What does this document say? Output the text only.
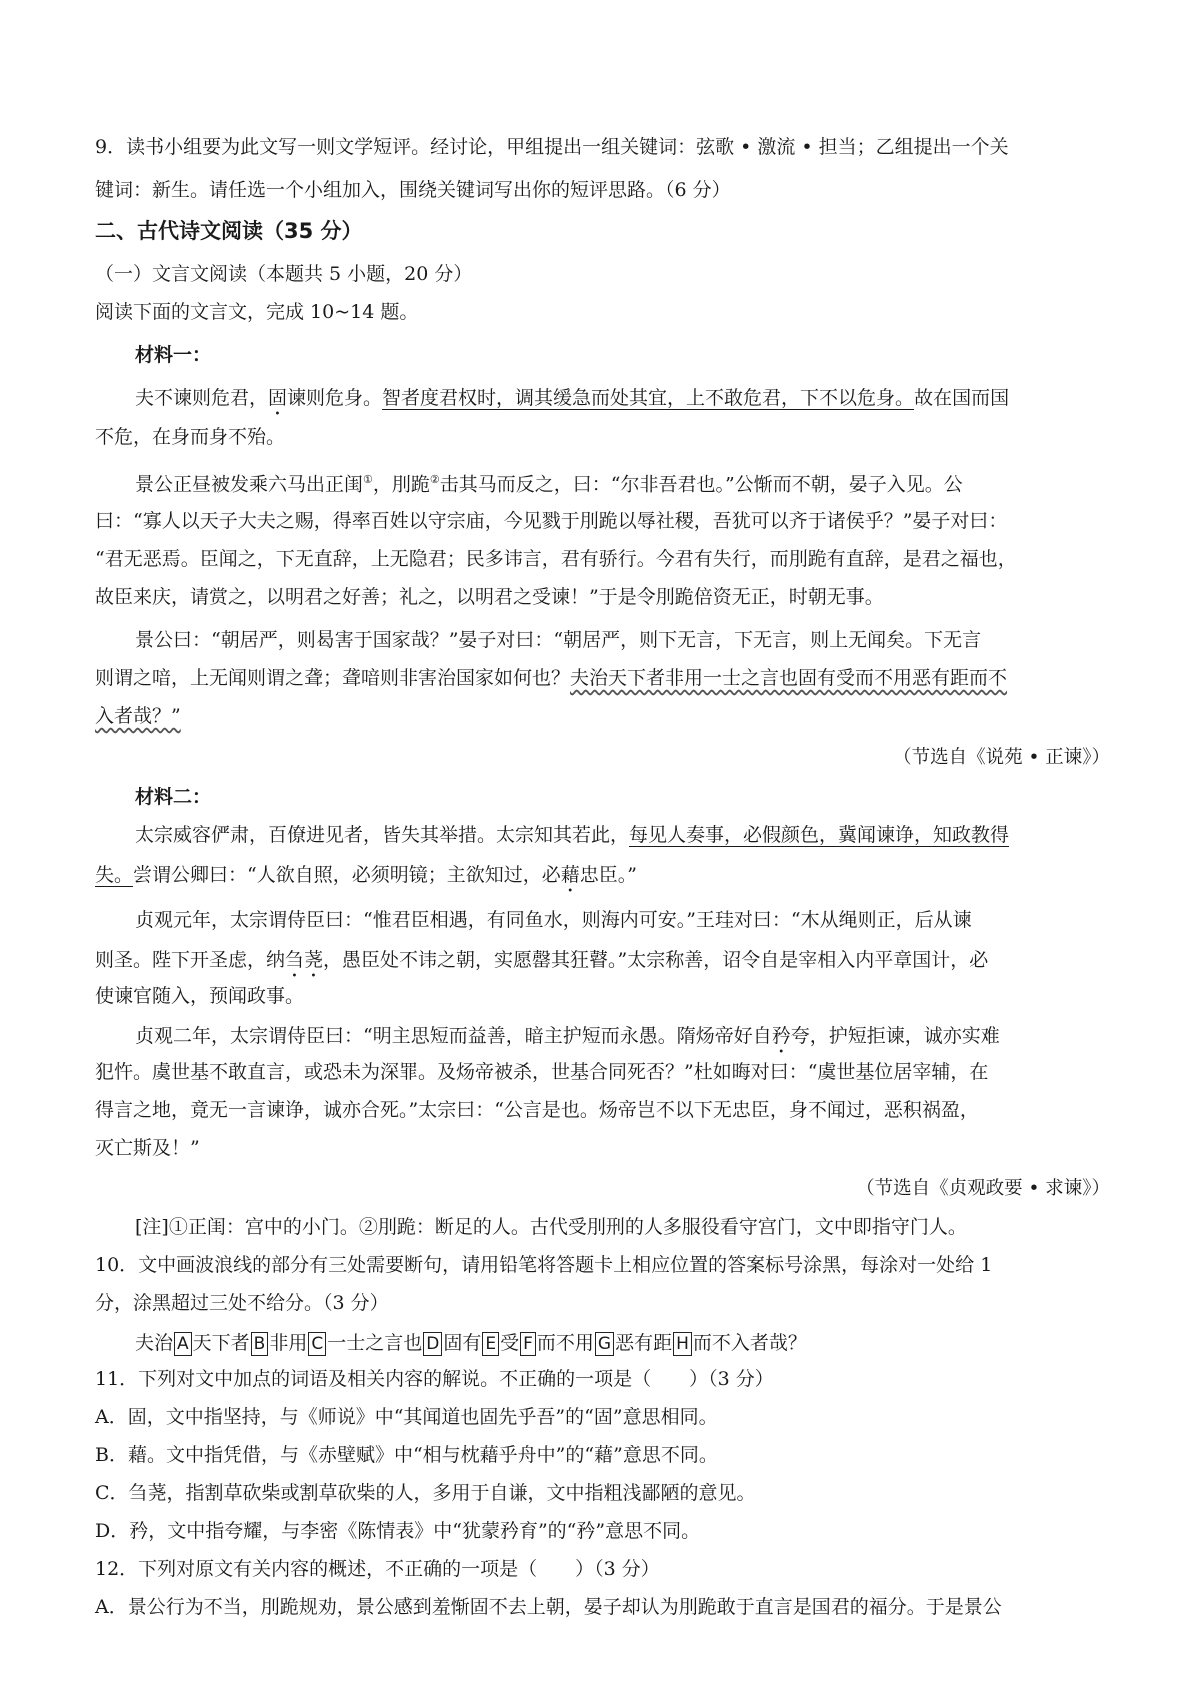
9．读书小组要为此文写一则文学短评。经讨论，甲组提出一组关键词：弦歌 • 激流 • 担当；乙组提出一个关

键词：新生。请任选一个小组加入，围绕关键词写出你的短评思路。（6 分）

二、古代诗文阅读（35 分）

（一）文言文阅读（本题共 5 小题，20 分）

阅读下面的文言文，完成 10~14 题。

材料一：

夫不谏则危君，固谏则危身。智者度君权时，调其缓急而处其宜，上不敢危君，下不以危身。故在国而国

不危，在身而身不殆。

景公正昼被发乘六马出正闺①，刖跪②击其马而反之，曰：“尔非吾君也。”公惭而不朝，晏子入见。公

曰：“寡人以天子大夫之赐，得率百姓以守宗庙，今见戮于刖跪以辱社稷，吾犹可以齐于诸侯乎？”晏子对曰：

“君无恶焉。臣闻之，下无直辞，上无隐君；民多讳言，君有骄行。今君有失行，而刖跪有直辞，是君之福也，

故臣来庆，请赏之，以明君之好善；礼之，以明君之受谏！”于是令刖跪倍资无正，时朝无事。

景公曰：“朝居严，则曷害于国家哉？”晏子对曰：“朝居严，则下无言，下无言，则上无闻矣。下无言

则谓之喑，上无闻则谓之聋；聋喑则非害治国家如何也？夫治天下者非用一士之言也固有受而不用恶有距而不

入者哉？”

（节选自《说苑 • 正谏》）

材料二：

太宗威容俨肃，百僚进见者，皆失其举措。太宗知其若此，每见人奏事，必假颜色，冀闻谏诤，知政教得

失。尝谓公卿曰：“人欲自照，必须明镜；主欲知过，必藉忠臣。”

贞观元年，太宗谓侍臣曰：“惟君臣相遇，有同鱼水，则海内可安。”王珪对曰：“木从绳则正，后从谏

则圣。陛下开圣虑，纳刍荛，愚臣处不讳之朝，实愿罄其狂瞽。”太宗称善，诏令自是宰相入内平章国计，必

使谏官随入，预闻政事。

贞观二年，太宗谓侍臣曰：“明主思短而益善，暗主护短而永愚。隋炀帝好自矜夸，护短拒谏，诚亦实难

犯忤。虞世基不敢直言，或恐未为深罪。及炀帝被杀，世基合同死否？”杜如晦对曰：“虞世基位居宰辅，在

得言之地，竟无一言谏诤，诚亦合死。”太宗曰：“公言是也。炀帝岂不以下无忠臣，身不闻过，恶积祸盈，

灭亡斯及！”

（节选自《贞观政要 • 求谏》）

[注]①正闺：宫中的小门。②刖跪：断足的人。古代受刖刑的人多服役看守宫门，文中即指守门人。

10．文中画波浪线的部分有三处需要断句，请用铅笔将答题卡上相应位置的答案标号涂黑，每涂对一处给 1

分，涂黑超过三处不给分。（3 分）

夫治 A 天下者 B 非用 C 一士之言也 D 固有 E 受 F 而不用 G 恶有距 H 而不入者哉？

11．下列对文中加点的词语及相关内容的解说。不正确的一项是（　　）（3 分）

A．固，文中指坚持，与《师说》中“其闻道也固先乎吾”的“固”意思相同。

B．藉。文中指凭借，与《赤壁赋》中“相与枕藉乎舟中”的“藉”意思不同。

C．刍荛，指割草砍柴或割草砍柴的人，多用于自谦，文中指粗浅鄙陋的意见。

D．矜，文中指夸耀，与李密《陈情表》中“犹蒙矜育”的“矜”意思不同。

12．下列对原文有关内容的概述，不正确的一项是（　　）（3 分）

A．景公行为不当，刖跪规劝，景公感到羞惭固不去上朝，晏子却认为刖跪敢于直言是国君的福分。于是景公
